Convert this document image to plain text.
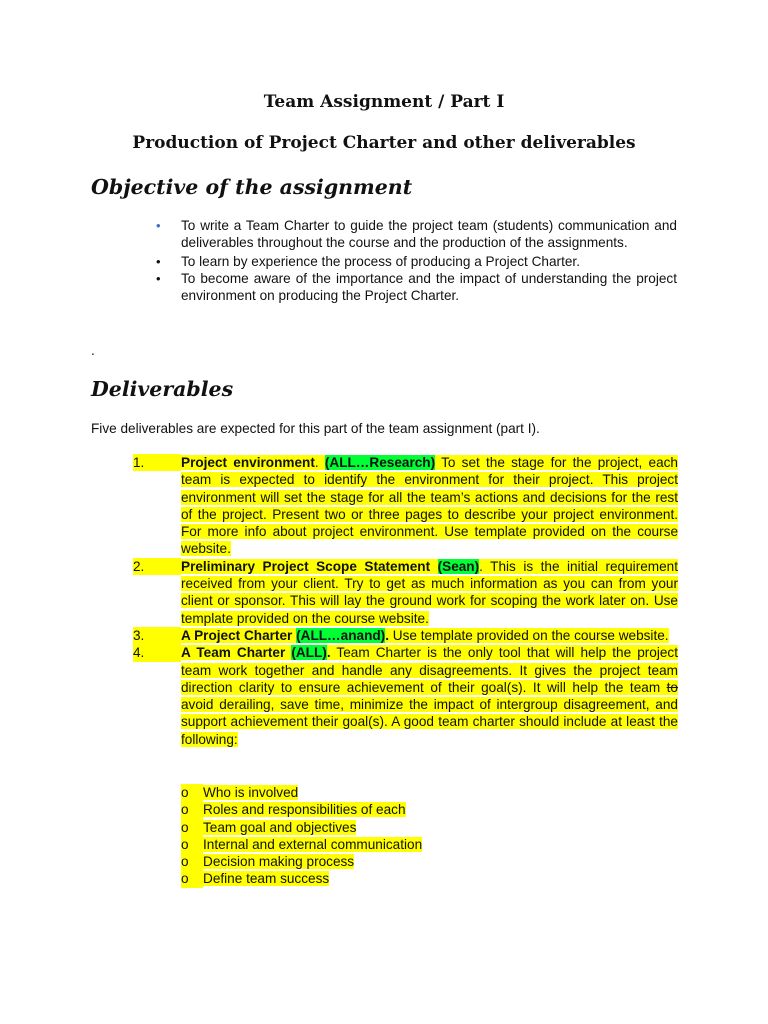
Team Assignment / Part I
Production of Project Charter and other deliverables
Objective of the assignment
• To write a Team Charter to guide the project team (students) communication and deliverables throughout the course and the production of the assignments.
• To learn by experience the process of producing a Project Charter.
• To become aware of the importance and the impact of understanding the project environment on producing the Project Charter.
.
Deliverables
Five deliverables are expected for this part of the team assignment (part I).
1.	Project environment. (ALL…Research) To set the stage for the project, each team is expected to identify the environment for their project. This project environment will set the stage for all the team’s actions and decisions for the rest of the project. Present two or three pages to describe your project environment. For more info about project environment. Use template provided on the course website.
2.	Preliminary Project Scope Statement (Sean). This is the initial requirement received from your client. Try to get as much information as you can from your client or sponsor. This will lay the ground work for scoping the work later on. Use template provided on the course website.
3.	A Project Charter (ALL…anand). Use template provided on the course website.
4.	A Team Charter (ALL). Team Charter is the only tool that will help the project team work together and handle any disagreements. It gives the project team direction clarity to ensure achievement of their goal(s). It will help the team to avoid derailing, save time, minimize the impact of intergroup disagreement, and support achievement their goal(s). A good team charter should include at least the following:
o
Who is involved
o
Roles and responsibilities of each
o
Team goal and objectives
o
Internal and external communication
o
Decision making process
o
Define team success
